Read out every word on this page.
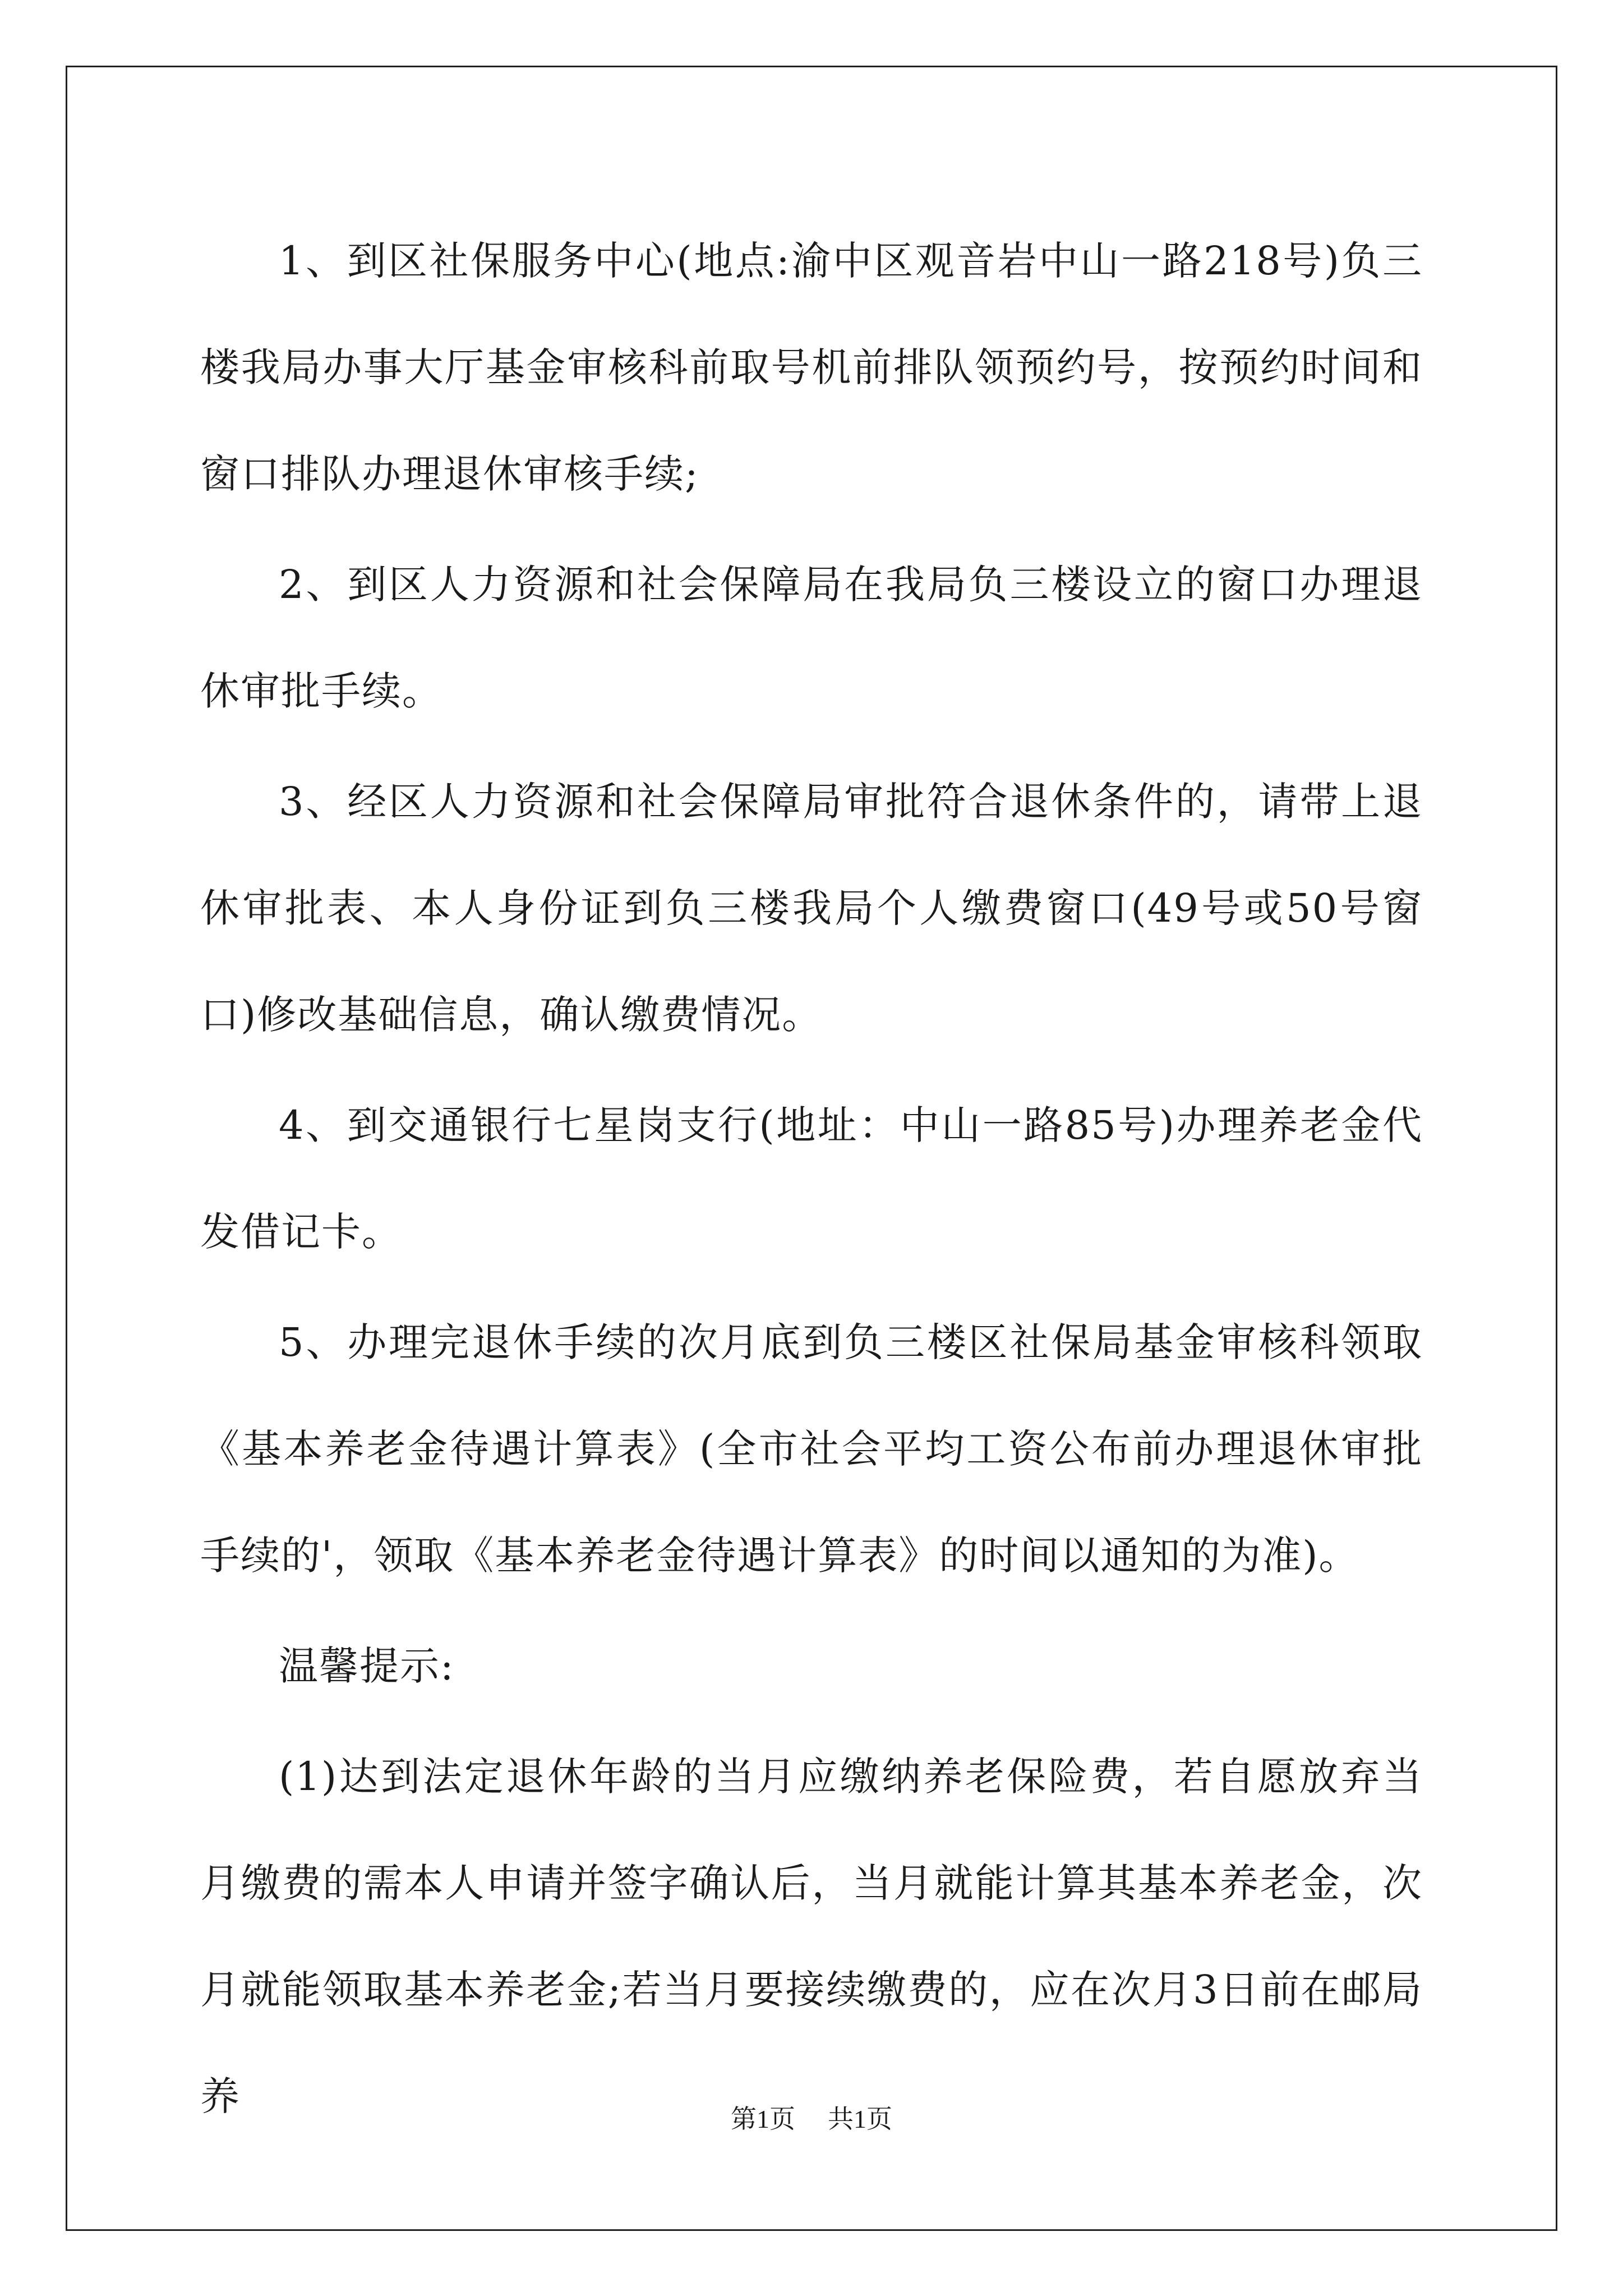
1、到区社保服务中心(地点:渝中区观音岩中山一路218号)负三楼我局办事大厅基金审核科前取号机前排队领预约号，按预约时间和窗口排队办理退休审核手续;

2、到区人力资源和社会保障局在我局负三楼设立的窗口办理退休审批手续。

3、经区人力资源和社会保障局审批符合退休条件的，请带上退休审批表、本人身份证到负三楼我局个人缴费窗口(49号或50号窗口)修改基础信息，确认缴费情况。

4、到交通银行七星岗支行(地址：中山一路85号)办理养老金代发借记卡。

5、办理完退休手续的次月底到负三楼区社保局基金审核科领取《基本养老金待遇计算表》(全市社会平均工资公布前办理退休审批手续的'，领取《基本养老金待遇计算表》的时间以通知的为准)。

温馨提示:

(1)达到法定退休年龄的当月应缴纳养老保险费，若自愿放弃当月缴费的需本人申请并签字确认后，当月就能计算其基本养老金，次月就能领取基本养老金;若当月要接续缴费的，应在次月3日前在邮局养	第1页 共1页
